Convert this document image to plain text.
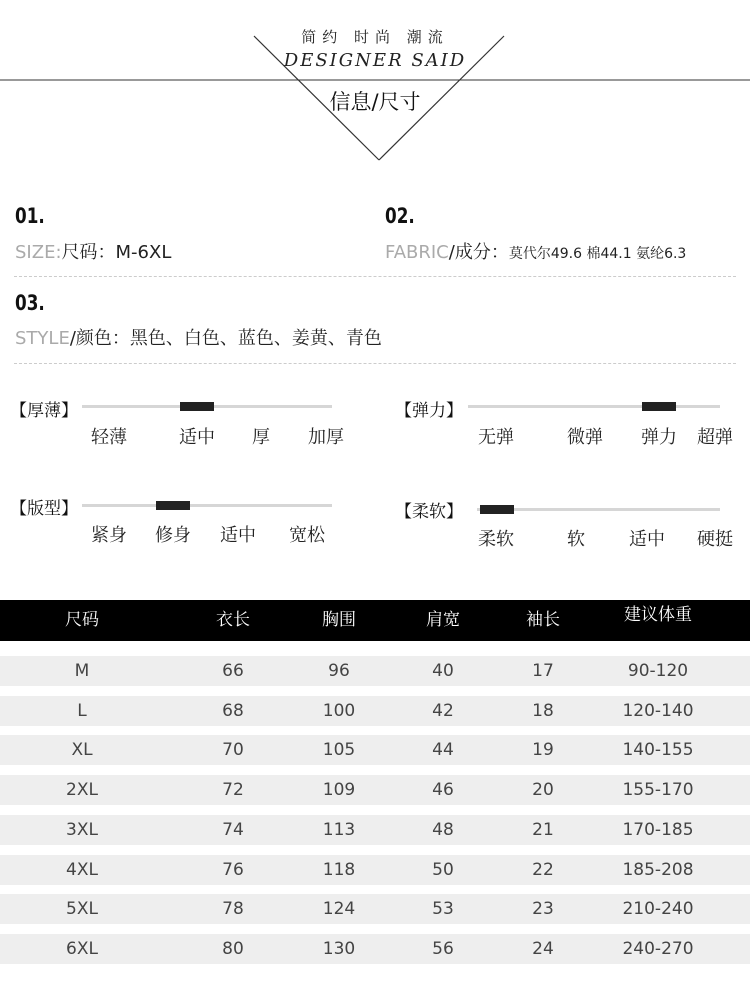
简约 时尚 潮流
DESIGNER SAID
信息/尺寸
01.
SIZE:尺码：M-6XL
02.
FABRIC/成分：莫代尔49.6 棉44.1 氨纶6.3
03.
STYLE/颜色：黑色、白色、蓝色、姜黄、青色
【厚薄】
轻薄	适中 厚 加厚
【弹力】
无弹	微弹 弹力 超弹
【版型】
紧身 修身 适中 宽松
【柔软】
柔软	软 适中 硬挺
尺码	衣长	胸围	肩宽	袖长	建议体重
M	66	96	40	17	90-120
L	68	100	42	18	120-140
XL	70	105	44	19	140-155
2XL	72	109	46	20	155-170
3XL	74	113	48	21	170-185
4XL	76	118	50	22	185-208
5XL	78	124	53	23	210-240
6XL	80	130	56	24	240-270
